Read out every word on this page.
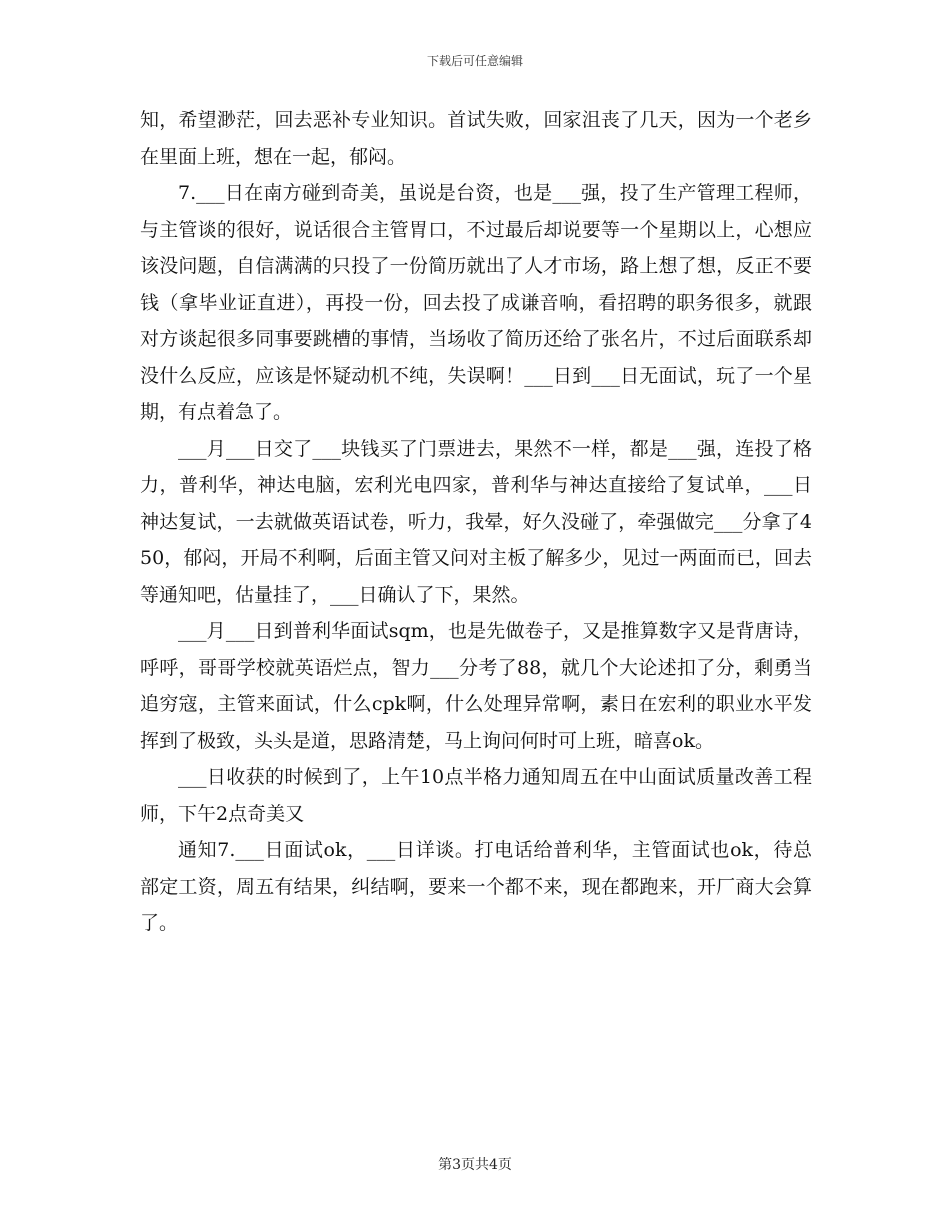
下载后可任意编辑

知，希望渺茫，回去恶补专业知识。首试失败，回家沮丧了几天，因为一个老乡在里面上班，想在一起，郁闷。

7.___日在南方碰到奇美，虽说是台资，也是___强，投了生产管理工程师，与主管谈的很好，说话很合主管胃口，不过最后却说要等一个星期以上，心想应该没问题，自信满满的只投了一份简历就出了人才市场，路上想了想，反正不要钱（拿毕业证直进），再投一份，回去投了成谦音响，看招聘的职务很多，就跟对方谈起很多同事要跳槽的事情，当场收了简历还给了张名片，不过后面联系却没什么反应，应该是怀疑动机不纯，失误啊！___日到___日无面试，玩了一个星期，有点着急了。

___月___日交了___块钱买了门票进去，果然不一样，都是___强，连投了格力，普利华，神达电脑，宏利光电四家，普利华与神达直接给了复试单，___日神达复试，一去就做英语试卷，听力，我晕，好久没碰了，牵强做完___分拿了450，郁闷，开局不利啊，后面主管又问对主板了解多少，见过一两面而已，回去等通知吧，估量挂了，___日确认了下，果然。

___月___日到普利华面试sqm，也是先做卷子，又是推算数字又是背唐诗，呼呼，哥哥学校就英语烂点，智力___分考了88，就几个大论述扣了分，剩勇当追穷寇，主管来面试，什么cpk啊，什么处理异常啊，素日在宏利的职业水平发挥到了极致，头头是道，思路清楚，马上询问何时可上班，暗喜ok。

___日收获的时候到了，上午10点半格力通知周五在中山面试质量改善工程师，下午2点奇美又

通知7.___日面试ok，___日详谈。打电话给普利华，主管面试也ok，待总部定工资，周五有结果，纠结啊，要来一个都不来，现在都跑来，开厂商大会算了。

第3页共4页
